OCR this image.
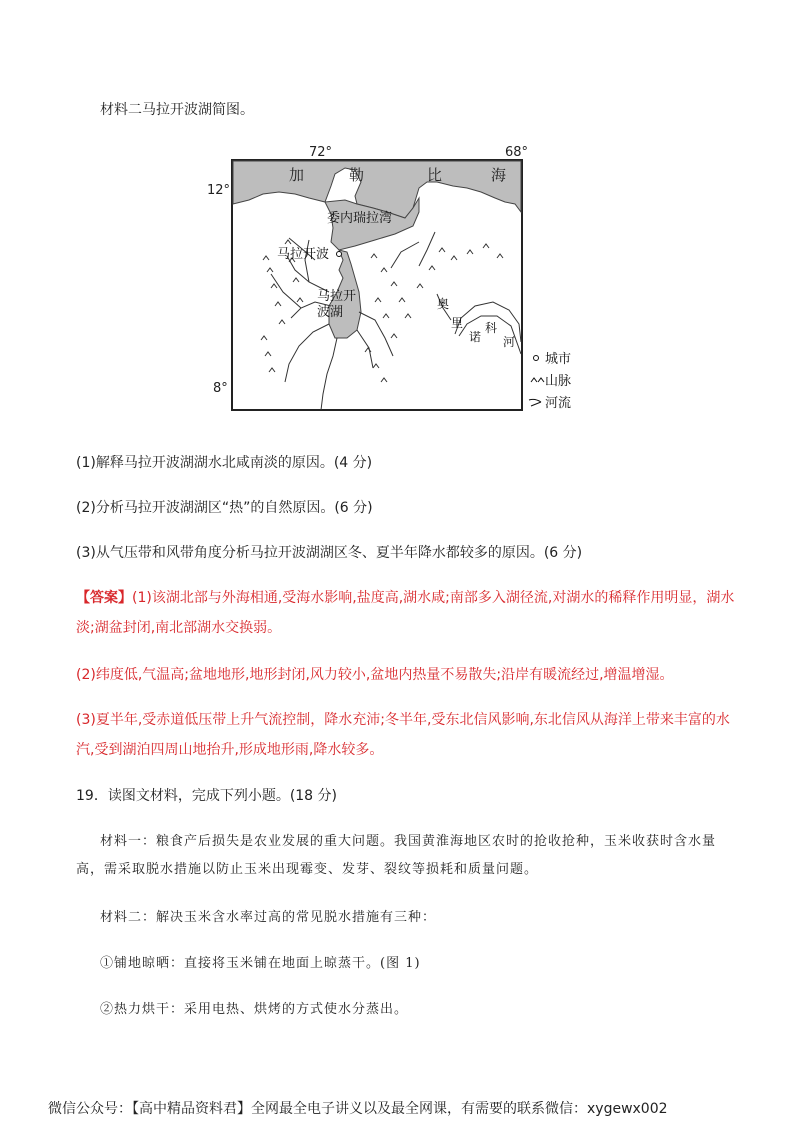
材料二马拉开波湖简图。
72°	68°
12°
8°
加	勒	比	海
委内瑞拉湾
马拉开波
马拉开
波湖
奥
里
诺
科
河
城市
山脉
河流
(1)解释马拉开波湖湖水北咸南淡的原因。(4 分)
(2)分析马拉开波湖湖区“热”的自然原因。(6 分)
(3)从气压带和风带角度分析马拉开波湖湖区冬、夏半年降水都较多的原因。(6 分)
【答案】(1)该湖北部与外海相通,受海水影响,盐度高,湖水咸;南部多入湖径流,对湖水的稀释作用明显，湖水
淡;湖盆封闭,南北部湖水交换弱。
(2)纬度低,气温高;盆地地形,地形封闭,风力较小,盆地内热量不易散失;沿岸有暖流经过,增温增湿。
(3)夏半年,受赤道低压带上升气流控制，降水充沛;冬半年,受东北信风影响,东北信风从海洋上带来丰富的水
汽,受到湖泊四周山地抬升,形成地形雨,降水较多。
19．读图文材料，完成下列小题。(18 分)
材料一：粮食产后损失是农业发展的重大问题。我国黄淮海地区农时的抢收抢种，玉米收获时含水量
高，需采取脱水措施以防止玉米出现霉变、发芽、裂纹等损耗和质量问题。
材料二：解决玉米含水率过高的常见脱水措施有三种：
①铺地晾晒：直接将玉米铺在地面上晾蒸干。(图 1)
②热力烘干：采用电热、烘烤的方式使水分蒸出。
微信公众号：【高中精品资料君】全网最全电子讲义以及最全网课，有需要的联系微信：xygewx002
